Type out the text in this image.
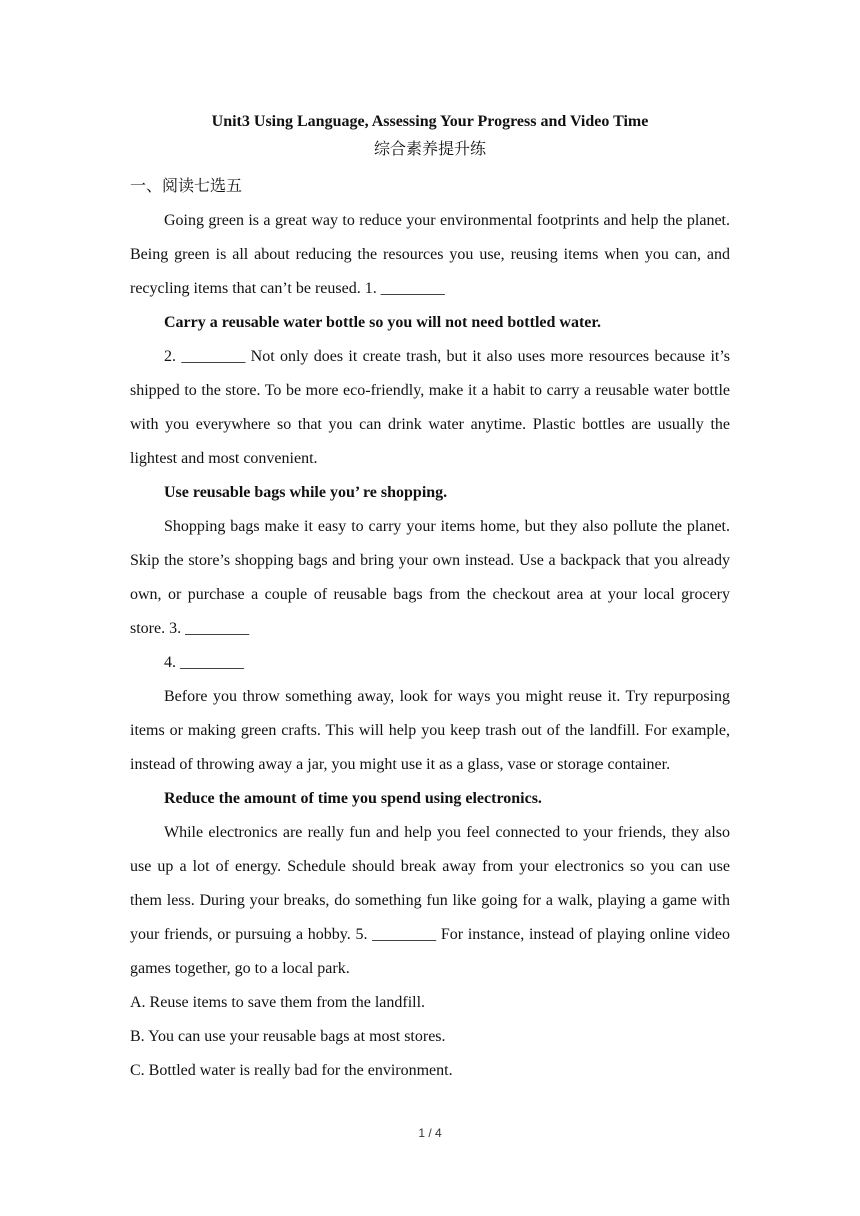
Unit3 Using Language, Assessing Your Progress and Video Time

综合素养提升练

一、阅读七选五

Going green is a great way to reduce your environmental footprints and help the planet. Being green is all about reducing the resources you use, reusing items when you can, and recycling items that can’t be reused. 1. ________

Carry a reusable water bottle so you will not need bottled water.

2. ________ Not only does it create trash, but it also uses more resources because it’s shipped to the store. To be more eco-friendly, make it a habit to carry a reusable water bottle with you everywhere so that you can drink water anytime. Plastic bottles are usually the lightest and most convenient.

Use reusable bags while you’ re shopping.

Shopping bags make it easy to carry your items home, but they also pollute the planet. Skip the store’s shopping bags and bring your own instead. Use a backpack that you already own, or purchase a couple of reusable bags from the checkout area at your local grocery store. 3. ________

4. ________

Before you throw something away, look for ways you might reuse it. Try repurposing items or making green crafts. This will help you keep trash out of the landfill. For example, instead of throwing away a jar, you might use it as a glass, vase or storage container.

Reduce the amount of time you spend using electronics.

While electronics are really fun and help you feel connected to your friends, they also use up a lot of energy. Schedule should break away from your electronics so you can use them less. During your breaks, do something fun like going for a walk, playing a game with your friends, or pursuing a hobby. 5. ________ For instance, instead of playing online video games together, go to a local park.

A. Reuse items to save them from the landfill.

B. You can use your reusable bags at most stores.

C. Bottled water is really bad for the environment.

1 / 4
